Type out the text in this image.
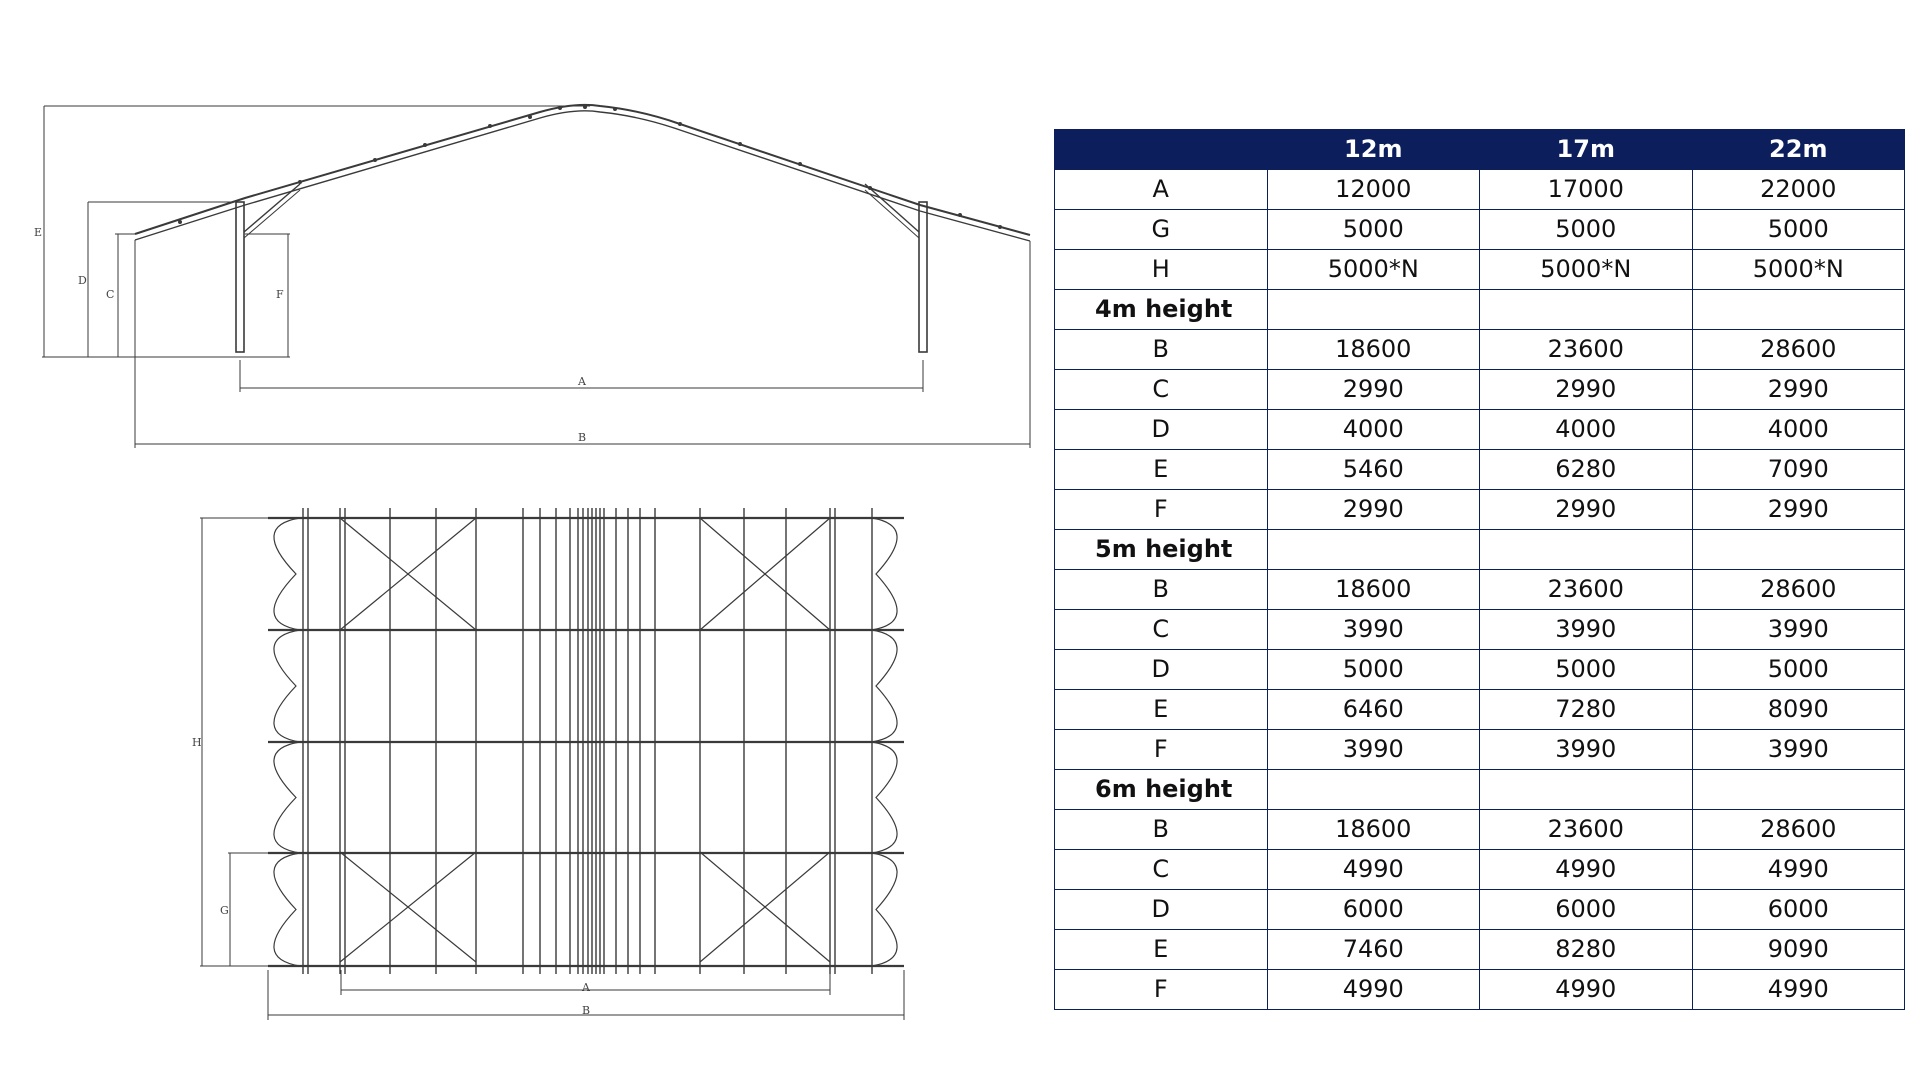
E
D
C	F
A
B
H
G
A
B
	12m	17m	22m
A	12000	17000	22000
G	5000	5000	5000
H	5000*N	5000*N	5000*N
4m height			
B	18600	23600	28600
C	2990	2990	2990
D	4000	4000	4000
E	5460	6280	7090
F	2990	2990	2990
5m height			
B	18600	23600	28600
C	3990	3990	3990
D	5000	5000	5000
E	6460	7280	8090
F	3990	3990	3990
6m height			
B	18600	23600	28600
C	4990	4990	4990
D	6000	6000	6000
E	7460	8280	9090
F	4990	4990	4990
